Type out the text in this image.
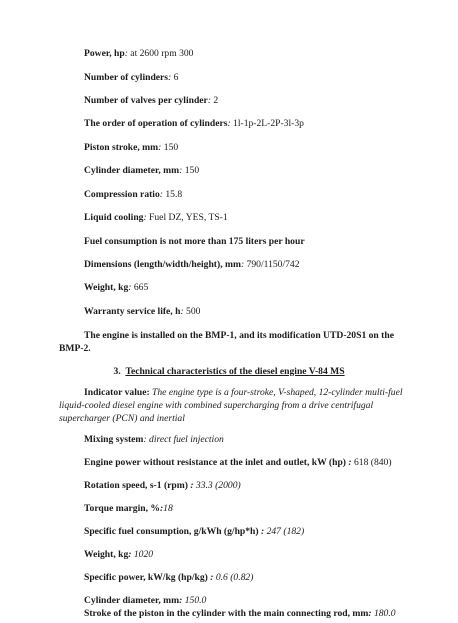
Power, hp: at 2600 rpm 300
Number of cylinders: 6
Number of valves per cylinder: 2
The order of operation of cylinders: 1l-1p-2L-2P-3l-3p
Piston stroke, mm: 150
Cylinder diameter, mm: 150
Compression ratio: 15.8
Liquid cooling: Fuel DZ, YES, TS-1
Fuel consumption is not more than 175 liters per hour
Dimensions (length/width/height), mm: 790/1150/742
Weight, kg: 665
Warranty service life, h: 500
The engine is installed on the BMP-1, and its modification UTD-20S1 on the BMP-2.
3. Technical characteristics of the diesel engine V-84 MS
Indicator value: The engine type is a four-stroke, V-shaped, 12-cylinder multi-fuel liquid-cooled diesel engine with combined supercharging from a drive centrifugal supercharger (PCN) and inertial
Mixing system: direct fuel injection
Engine power without resistance at the inlet and outlet, kW (hp) : 618 (840)
Rotation speed, s-1 (rpm) : 33.3 (2000)
Torque margin, %:18
Specific fuel consumption, g/kWh (g/hp*h) : 247 (182)
Weight, kg: 1020
Specific power, kW/kg (hp/kg) : 0.6 (0.82)
Cylinder diameter, mm: 150.0
Stroke of the piston in the cylinder with the main connecting rod, mm: 180.0
